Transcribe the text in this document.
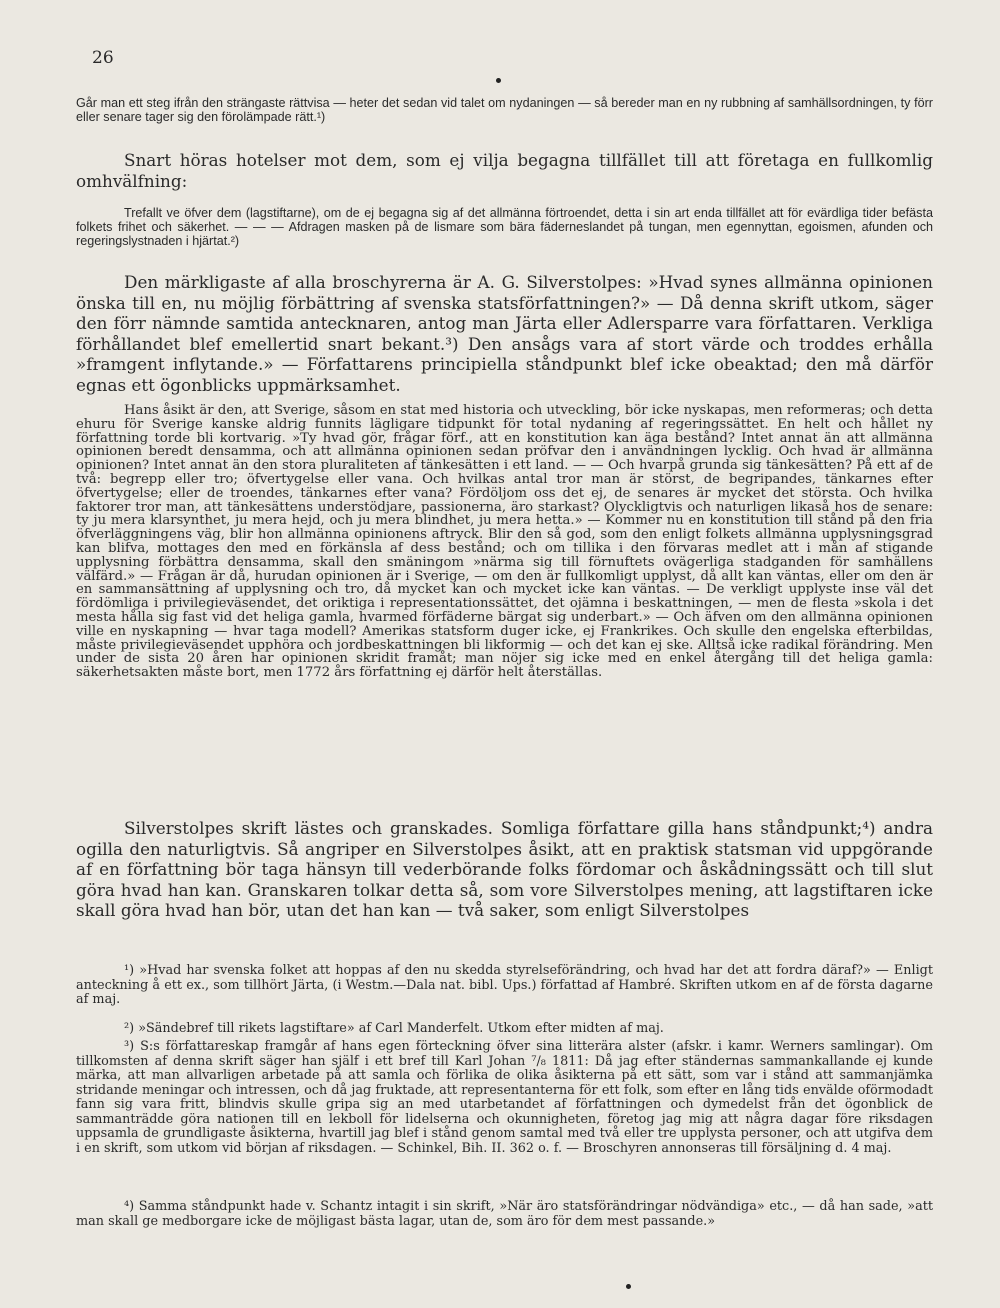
26
Går man ett steg ifrån den strängaste rättvisa — heter det sedan vid talet om nydaningen — så bereder man en ny rubbning af samhällsordningen, ty förr eller senare tager sig den förolämpade rätt.¹)
Snart höras hotelser mot dem, som ej vilja begagna tillfället till att företaga en fullkomlig omhvälfning:
Trefallt ve öfver dem (lagstiftarne), om de ej begagna sig af det allmänna förtroendet, detta i sin art enda tillfället att för evärdliga tider befästa folkets frihet och säkerhet. — — — Afdragen masken på de lismare som bära fäderneslandet på tungan, men egennyttan, egoismen, afunden och regeringslystnaden i hjärtat.²)
Den märkligaste af alla broschyrerna är A. G. Silverstolpes: »Hvad synes allmänna opinionen önska till en, nu möjlig förbättring af svenska statsförfattningen?» — Då denna skrift utkom, säger den förr nämnde samtida antecknaren, antog man Järta eller Adlersparre vara författaren. Verkliga förhållandet blef emellertid snart bekant.³) Den ansågs vara af stort värde och troddes erhålla »framgent inflytande.» — Författarens principiella ståndpunkt blef icke obeaktad; den må därför egnas ett ögonblicks uppmärksamhet.
Hans åsikt är den, att Sverige, såsom en stat med historia och utveckling, bör icke nyskapas, men reformeras; och detta ehuru för Sverige kanske aldrig funnits lägligare tidpunkt för total nydaning af regeringssättet. En helt och hållet ny författning torde bli kortvarig. »Ty hvad gör, frågar förf., att en konstitution kan äga bestånd? Intet annat än att allmänna opinionen beredt densamma, och att allmänna opinionen sedan pröfvar den i användningen lycklig. Och hvad är allmänna opinionen? Intet annat än den stora pluraliteten af tänkesätten i ett land. — — Och hvarpå grunda sig tänkesätten? På ett af de två: begrepp eller tro; öfvertygelse eller vana. Och hvilkas antal tror man är störst, de begripandes, tänkarnes efter öfvertygelse; eller de troendes, tänkarnes efter vana? Fördöljom oss det ej, de senares är mycket det största. Och hvilka faktorer tror man, att tänkesättens understödjare, passionerna, äro starkast? Olyckligtvis och naturligen likaså hos de senare: ty ju mera klarsynthet, ju mera hejd, och ju mera blindhet, ju mera hetta.» — Kommer nu en konstitution till stånd på den fria öfverläggningens väg, blir hon allmänna opinionens aftryck. Blir den så god, som den enligt folkets allmänna upplysningsgrad kan blifva, mottages den med en förkänsla af dess bestånd; och om tillika i den förvaras medlet att i mån af stigande upplysning förbättra densamma, skall den smäningom »närma sig till förnuftets ovägerliga stadganden för samhällens välfärd.» — Frågan är då, hurudan opinionen är i Sverige, — om den är fullkomligt upplyst, då allt kan väntas, eller om den är en sammansättning af upplysning och tro, då mycket kan och mycket icke kan väntas. — De verkligt upplyste inse väl det fördömliga i privilegieväsendet, det oriktiga i representationssättet, det ojämna i beskattningen, — men de flesta »skola i det mesta hålla sig fast vid det heliga gamla, hvarmed förfäderne bärgat sig underbart.» — Och äfven om den allmänna opinionen ville en nyskapning — hvar taga modell? Amerikas statsform duger icke, ej Frankrikes. Och skulle den engelska efterbildas, måste privilegieväsendet upphöra och jordbeskattningen bli likformig — och det kan ej ske. Alltså icke radikal förändring. Men under de sista 20 åren har opinionen skridit framåt; man nöjer sig icke med en enkel återgång till det heliga gamla: säkerhetsakten måste bort, men 1772 års författning ej därför helt återställas.
Silverstolpes skrift lästes och granskades. Somliga författare gilla hans ståndpunkt;⁴) andra ogilla den naturligtvis. Så angriper en Silverstolpes åsikt, att en praktisk statsman vid uppgörande af en författning bör taga hänsyn till vederbörande folks fördomar och åskådningssätt och till slut göra hvad han kan. Granskaren tolkar detta så, som vore Silverstolpes mening, att lagstiftaren icke skall göra hvad han bör, utan det han kan — två saker, som enligt Silverstolpes
¹) »Hvad har svenska folket att hoppas af den nu skedda styrelseförändring, och hvad har det att fordra däraf?» — Enligt anteckning å ett ex., som tillhört Järta, (i Westm.—Dala nat. bibl. Ups.) författad af Hambré. Skriften utkom en af de första dagarne af maj.
²) »Sändebref till rikets lagstiftare» af Carl Manderfelt. Utkom efter midten af maj.
³) S:s författareskap framgår af hans egen förteckning öfver sina litterära alster (afskr. i kamr. Werners samlingar). Om tillkomsten af denna skrift säger han själf i ett bref till Karl Johan ⁷/₈ 1811: Då jag efter ständernas sammankallande ej kunde märka, att man allvarligen arbetade på att samla och förlika de olika åsikterna på ett sätt, som var i stånd att sammanjämka stridande meningar och intressen, och då jag fruktade, att representanterna för ett folk, som efter en lång tids envälde oförmodadt fann sig vara fritt, blindvis skulle gripa sig an med utarbetandet af författningen och dymedelst från det ögonblick de sammanträdde göra nationen till en lekboll för lidelserna och okunnigheten, företog jag mig att några dagar före riksdagen uppsamla de grundligaste åsikterna, hvartill jag blef i stånd genom samtal med två eller tre upplysta personer, och att utgifva dem i en skrift, som utkom vid början af riksdagen. — Schinkel, Bih. II. 362 o. f. — Broschyren annonseras till försäljning d. 4 maj.
⁴) Samma ståndpunkt hade v. Schantz intagit i sin skrift, »När äro statsförändringar nödvändiga» etc., — då han sade, »att man skall ge medborgare icke de möjligast bästa lagar, utan de, som äro för dem mest passande.»
